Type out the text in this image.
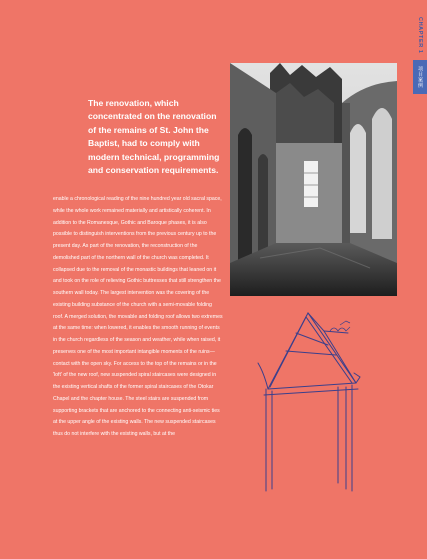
CHAPTER 1
项目案例

The renovation, which concentrated on the renovation of the remains of St. John the Baptist, had to comply with modern technical, programming and conservation requirements.

enable a chronological reading of the nine hundred year old sacral space, while the whole work remained materially and artistically coherent. In addition to the Romanesque, Gothic and Baroque phases, it is also possible to distinguish interventions from the previous century up to the present day. As part of the renovation, the reconstruction of the demolished part of the northern wall of the church was completed. It collapsed due to the removal of the monastic buildings that leaned on it and took on the role of relieving Gothic buttresses that still strengthen the southern wall today. The largest intervention was the covering of the existing building substance of the church with a semi-movable folding roof. A merged solution, the movable and folding roof allows two extremes at the same time: when lowered, it enables the smooth running of events in the church regardless of the season and weather, while when raised, it preserves one of the most important intangible moments of the ruins—contact with the open sky. For access to the top of the remains or in the 'loft' of the new roof, new suspended spiral staircases were designed in the existing vertical shafts of the former spiral staircases of the Otokar Chapel and the chapter house. The steel stairs are suspended from supporting brackets that are anchored to the connecting anti-seismic ties at the upper angle of the existing walls. The new suspended staircases thus do not interfere with the existing walls, but at the
